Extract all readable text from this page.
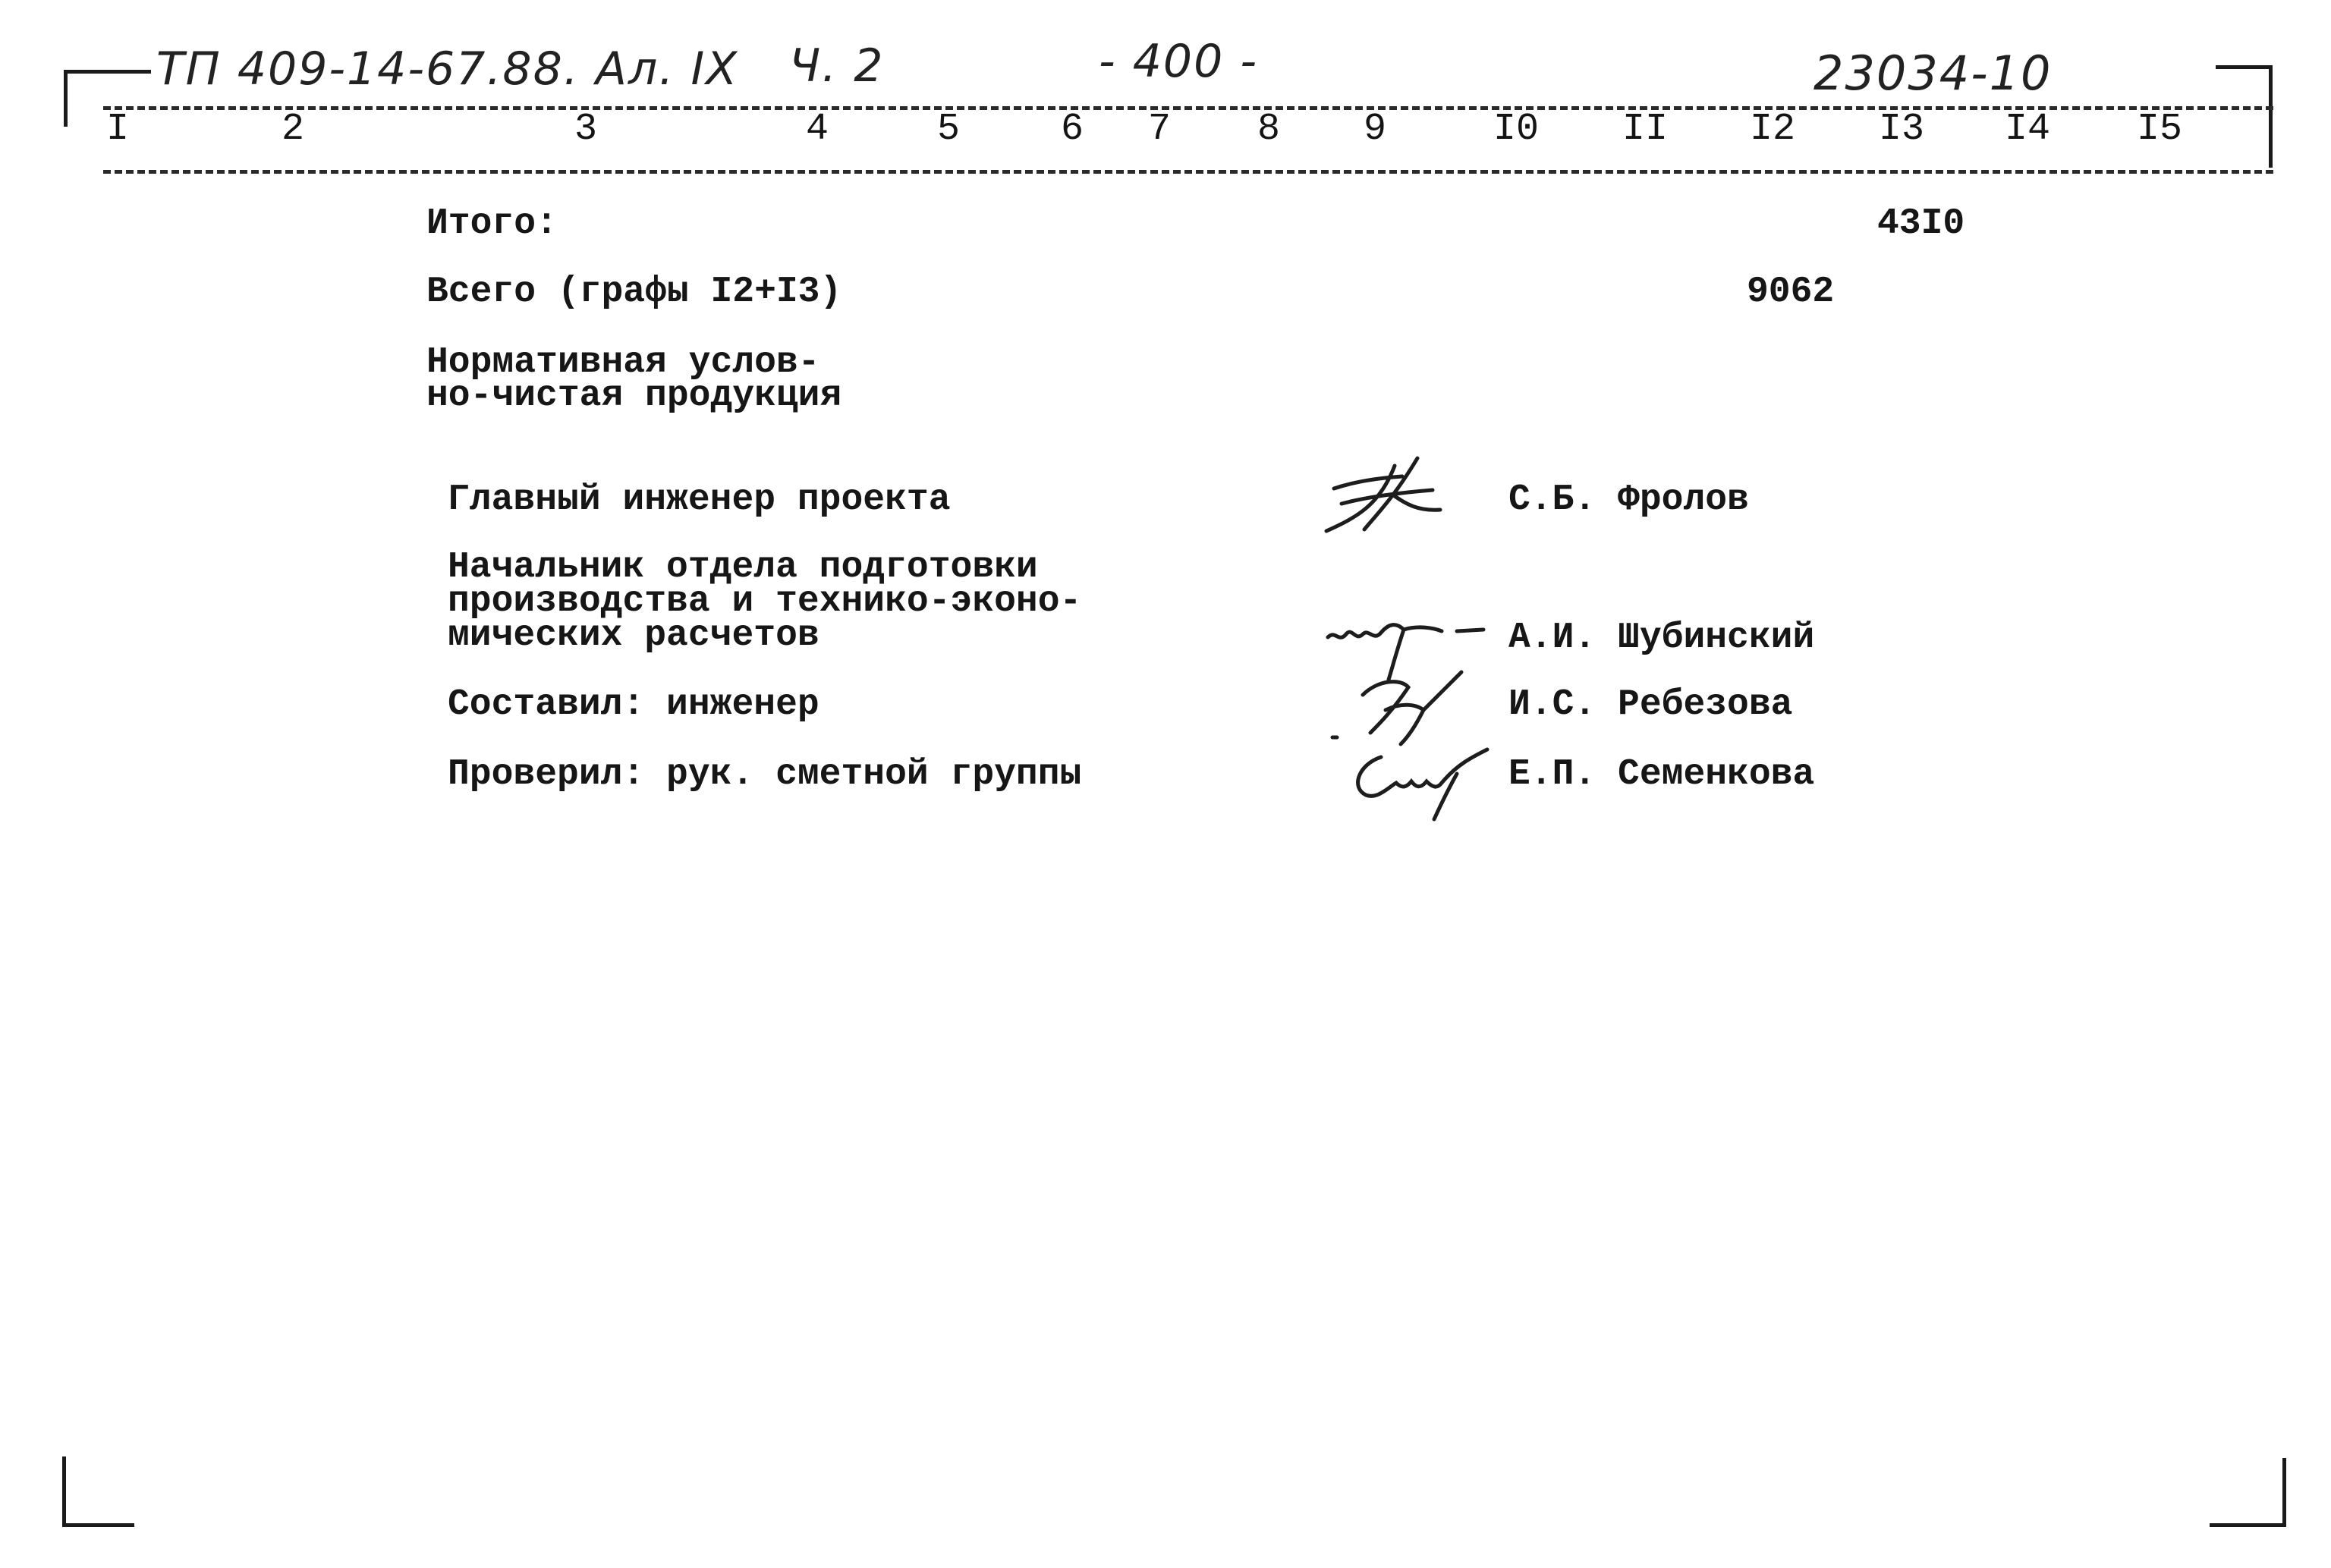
ТП 409-14-67.88. Ал. IX Ч. 2	- 400 -	23034-10
I	2	3	4	5	6 7 8 9	I0 II I2 I3 I4 I5
Итого:	43I0
Всего (графы I2+I3)	9062
Нормативная услов-
но-чистая продукция
Главный инженер проекта	С.Б. Фролов
Начальник отдела подготовки
производства и технико-эконо-
мических расчетов	А.И. Шубинский
Составил: инженер	И.С. Ребезова
Проверил: рук. сметной группы	Е.П. Семенкова
